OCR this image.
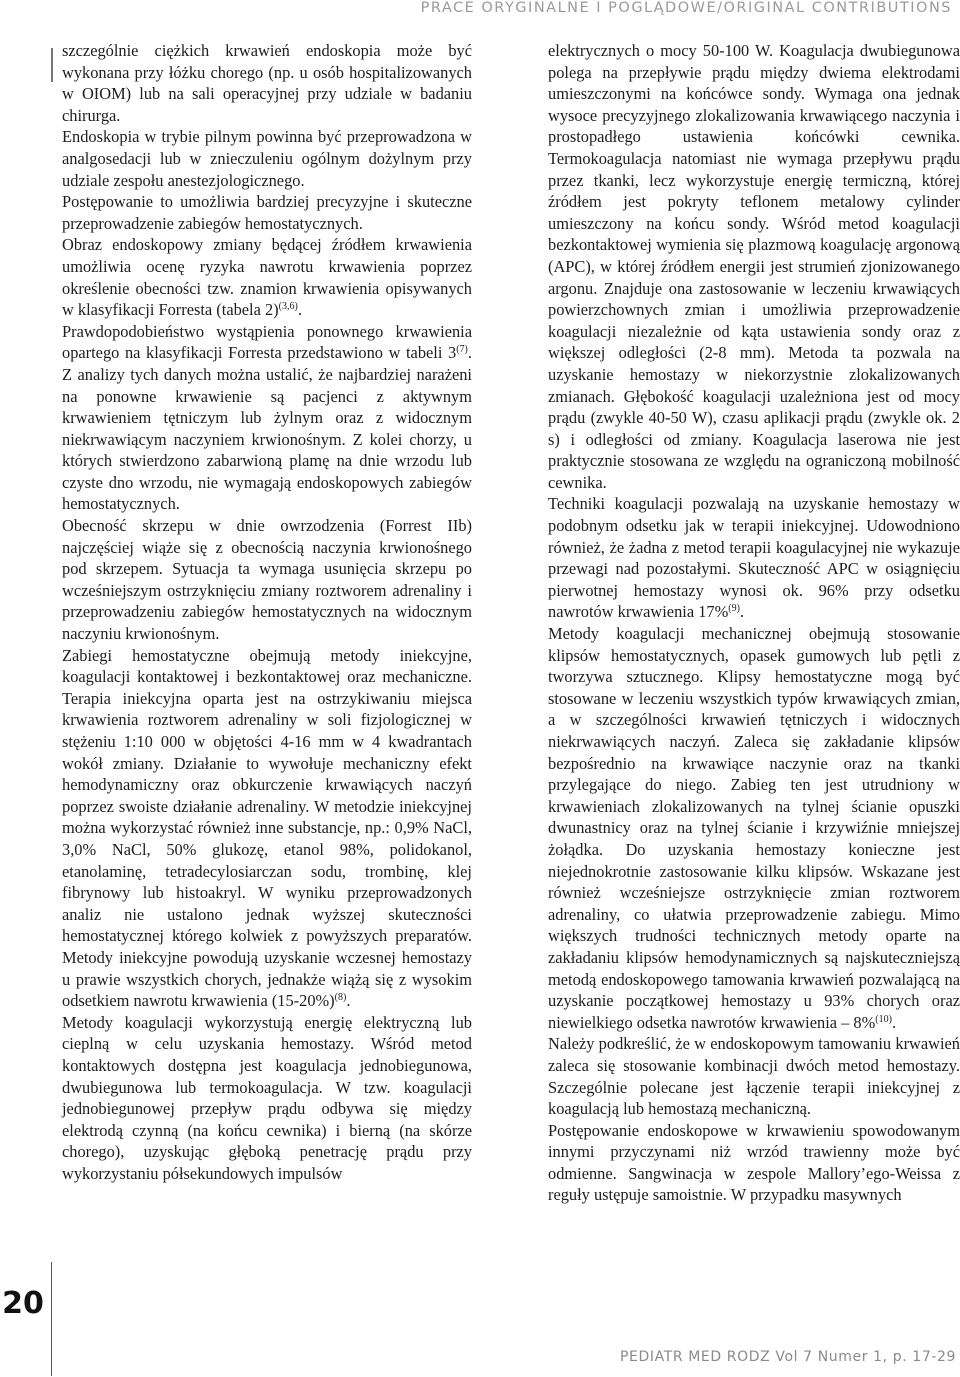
PRACE ORYGINALNE I POGLĄDOWE/ORIGINAL CONTRIBUTIONS

szczególnie ciężkich krwawień endoskopia może być wykonana przy łóżku chorego (np. u osób hospitalizowanych w OIOM) lub na sali operacyjnej przy udziale w badaniu chirurga.

Endoskopia w trybie pilnym powinna być przeprowadzona w analgosedacji lub w znieczuleniu ogólnym dożylnym przy udziale zespołu anestezjologicznego.

Postępowanie to umożliwia bardziej precyzyjne i skuteczne przeprowadzenie zabiegów hemostatycznych.

Obraz endoskopowy zmiany będącej źródłem krwawienia umożliwia ocenę ryzyka nawrotu krwawienia poprzez określenie obecności tzw. znamion krwawienia opisywanych w klasyfikacji Forresta (tabela 2)$^{(3,6)}$.

Prawdopodobieństwo wystąpienia ponownego krwawienia opartego na klasyfikacji Forresta przedstawiono w tabeli 3$^{(7)}$. Z analizy tych danych można ustalić, że najbardziej narażeni na ponowne krwawienie są pacjenci z aktywnym krwawieniem tętniczym lub żylnym oraz z widocznym niekrwawiącym naczyniem krwionośnym. Z kolei chorzy, u których stwierdzono zabarwioną plamę na dnie wrzodu lub czyste dno wrzodu, nie wymagają endoskopowych zabiegów hemostatycznych.

Obecność skrzepu w dnie owrzodzenia (Forrest IIb) najczęściej wiąże się z obecnością naczynia krwionośnego pod skrzepem. Sytuacja ta wymaga usunięcia skrzepu po wcześniejszym ostrzyknięciu zmiany roztworem adrenaliny i przeprowadzeniu zabiegów hemostatycznych na widocznym naczyniu krwionośnym.

Zabiegi hemostatyczne obejmują metody iniekcyjne, koagulacji kontaktowej i bezkontaktowej oraz mechaniczne. Terapia iniekcyjna oparta jest na ostrzykiwaniu miejsca krwawienia roztworem adrenaliny w soli fizjologicznej w stężeniu 1:10 000 w objętości 4-16 mm w 4 kwadrantach wokół zmiany. Działanie to wywołuje mechaniczny efekt hemodynamiczny oraz obkurczenie krwawiących naczyń poprzez swoiste działanie adrenaliny. W metodzie iniekcyjnej można wykorzystać również inne substancje, np.: 0,9% NaCl, 3,0% NaCl, 50% glukozę, etanol 98%, polidokanol, etanolaminę, tetradecylosiarczan sodu, trombinę, klej fibrynowy lub histoakryl. W wyniku przeprowadzonych analiz nie ustalono jednak wyższej skuteczności hemostatycznej którego kolwiek z powyższych preparatów. Metody iniekcyjne powodują uzyskanie wczesnej hemostazy u prawie wszystkich chorych, jednakże wiążą się z wysokim odsetkiem nawrotu krwawienia $(15-20\%)^{(8)}$.

Metody koagulacji wykorzystują energię elektryczną lub cieplną w celu uzyskania hemostazy. Wśród metod kontaktowych dostępna jest koagulacja jednobiegunowa, dwubiegunowa lub termokoagulacja. W tzw. koagulacji jednobiegunowej przepływ prądu odbywa się między elektrodą czynną (na końcu cewnika) i bierną (na skórze chorego), uzyskując głęboką penetrację prądu przy wykorzystaniu półsekundowych impulsów

elektrycznych o mocy 50-100 W. Koagulacja dwubiegunowa polega na przepływie prądu między dwiema elektrodami umieszczonymi na końcówce sondy. Wymaga ona jednak wysoce precyzyjnego zlokalizowania krwawiącego naczynia i prostopadłego ustawienia końcówki cewnika. Termokoagulacja natomiast nie wymaga przepływu prądu przez tkanki, lecz wykorzystuje energię termiczną, której źródłem jest pokryty teflonem metalowy cylinder umieszczony na końcu sondy. Wśród metod koagulacji bezkontaktowej wymienia się plazmową koagulację argonową (APC), w której źródłem energii jest strumień zjonizowanego argonu. Znajduje ona zastosowanie w leczeniu krwawiących powierzchownych zmian i umożliwia przeprowadzenie koagulacji niezależnie od kąta ustawienia sondy oraz z większej odległości (2-8 mm). Metoda ta pozwala na uzyskanie hemostazy w niekorzystnie zlokalizowanych zmianach. Głębokość koagulacji uzależniona jest od mocy prądu (zwykle 40-50 W), czasu aplikacji prądu (zwykle ok. 2 s) i odległości od zmiany. Koagulacja laserowa nie jest praktycznie stosowana ze względu na ograniczoną mobilność cewnika.

Techniki koagulacji pozwalają na uzyskanie hemostazy w podobnym odsetku jak w terapii iniekcyjnej. Udowodniono również, że żadna z metod terapii koagulacyjnej nie wykazuje przewagi nad pozostałymi. Skuteczność APC w osiągnięciu pierwotnej hemostazy wynosi ok. 96% przy odsetku nawrotów krwawienia 17%$^{(9)}$.

Metody koagulacji mechanicznej obejmują stosowanie klipsów hemostatycznych, opasek gumowych lub pętli z tworzywa sztucznego. Klipsy hemostatyczne mogą być stosowane w leczeniu wszystkich typów krwawiących zmian, a w szczególności krwawień tętniczych i widocznych niekrwawiących naczyń. Zaleca się zakładanie klipsów bezpośrednio na krwawiące naczynie oraz na tkanki przylegające do niego. Zabieg ten jest utrudniony w krwawieniach zlokalizowanych na tylnej ścianie opuszki dwunastnicy oraz na tylnej ścianie i krzywiźnie mniejszej żołądka. Do uzyskania hemostazy konieczne jest niejednokrotnie zastosowanie kilku klipsów. Wskazane jest również wcześniejsze ostrzyknięcie zmian roztworem adrenaliny, co ułatwia przeprowadzenie zabiegu. Mimo większych trudności technicznych metody oparte na zakładaniu klipsów hemodynamicznych są najskuteczniejszą metodą endoskopowego tamowania krwawień pozwalającą na uzyskanie początkowej hemostazy u 93% chorych oraz niewielkiego odsetka nawrotów krwawienia – 8%$^{(10)}$.

Należy podkreślić, że w endoskopowym tamowaniu krwawień zaleca się stosowanie kombinacji dwóch metod hemostazy. Szczególnie polecane jest łączenie terapii iniekcyjnej z koagulacją lub hemostazą mechaniczną.

Postępowanie endoskopowe w krwawieniu spowodowanym innymi przyczynami niż wrzód trawienny może być odmienne. Sangwinacja w zespole Mallory’ego-Weissa z reguły ustępuje samoistnie. W przypadku masywnych

20
PEDIATR MED RODZ Vol 7 Numer 1, p. 17-29
